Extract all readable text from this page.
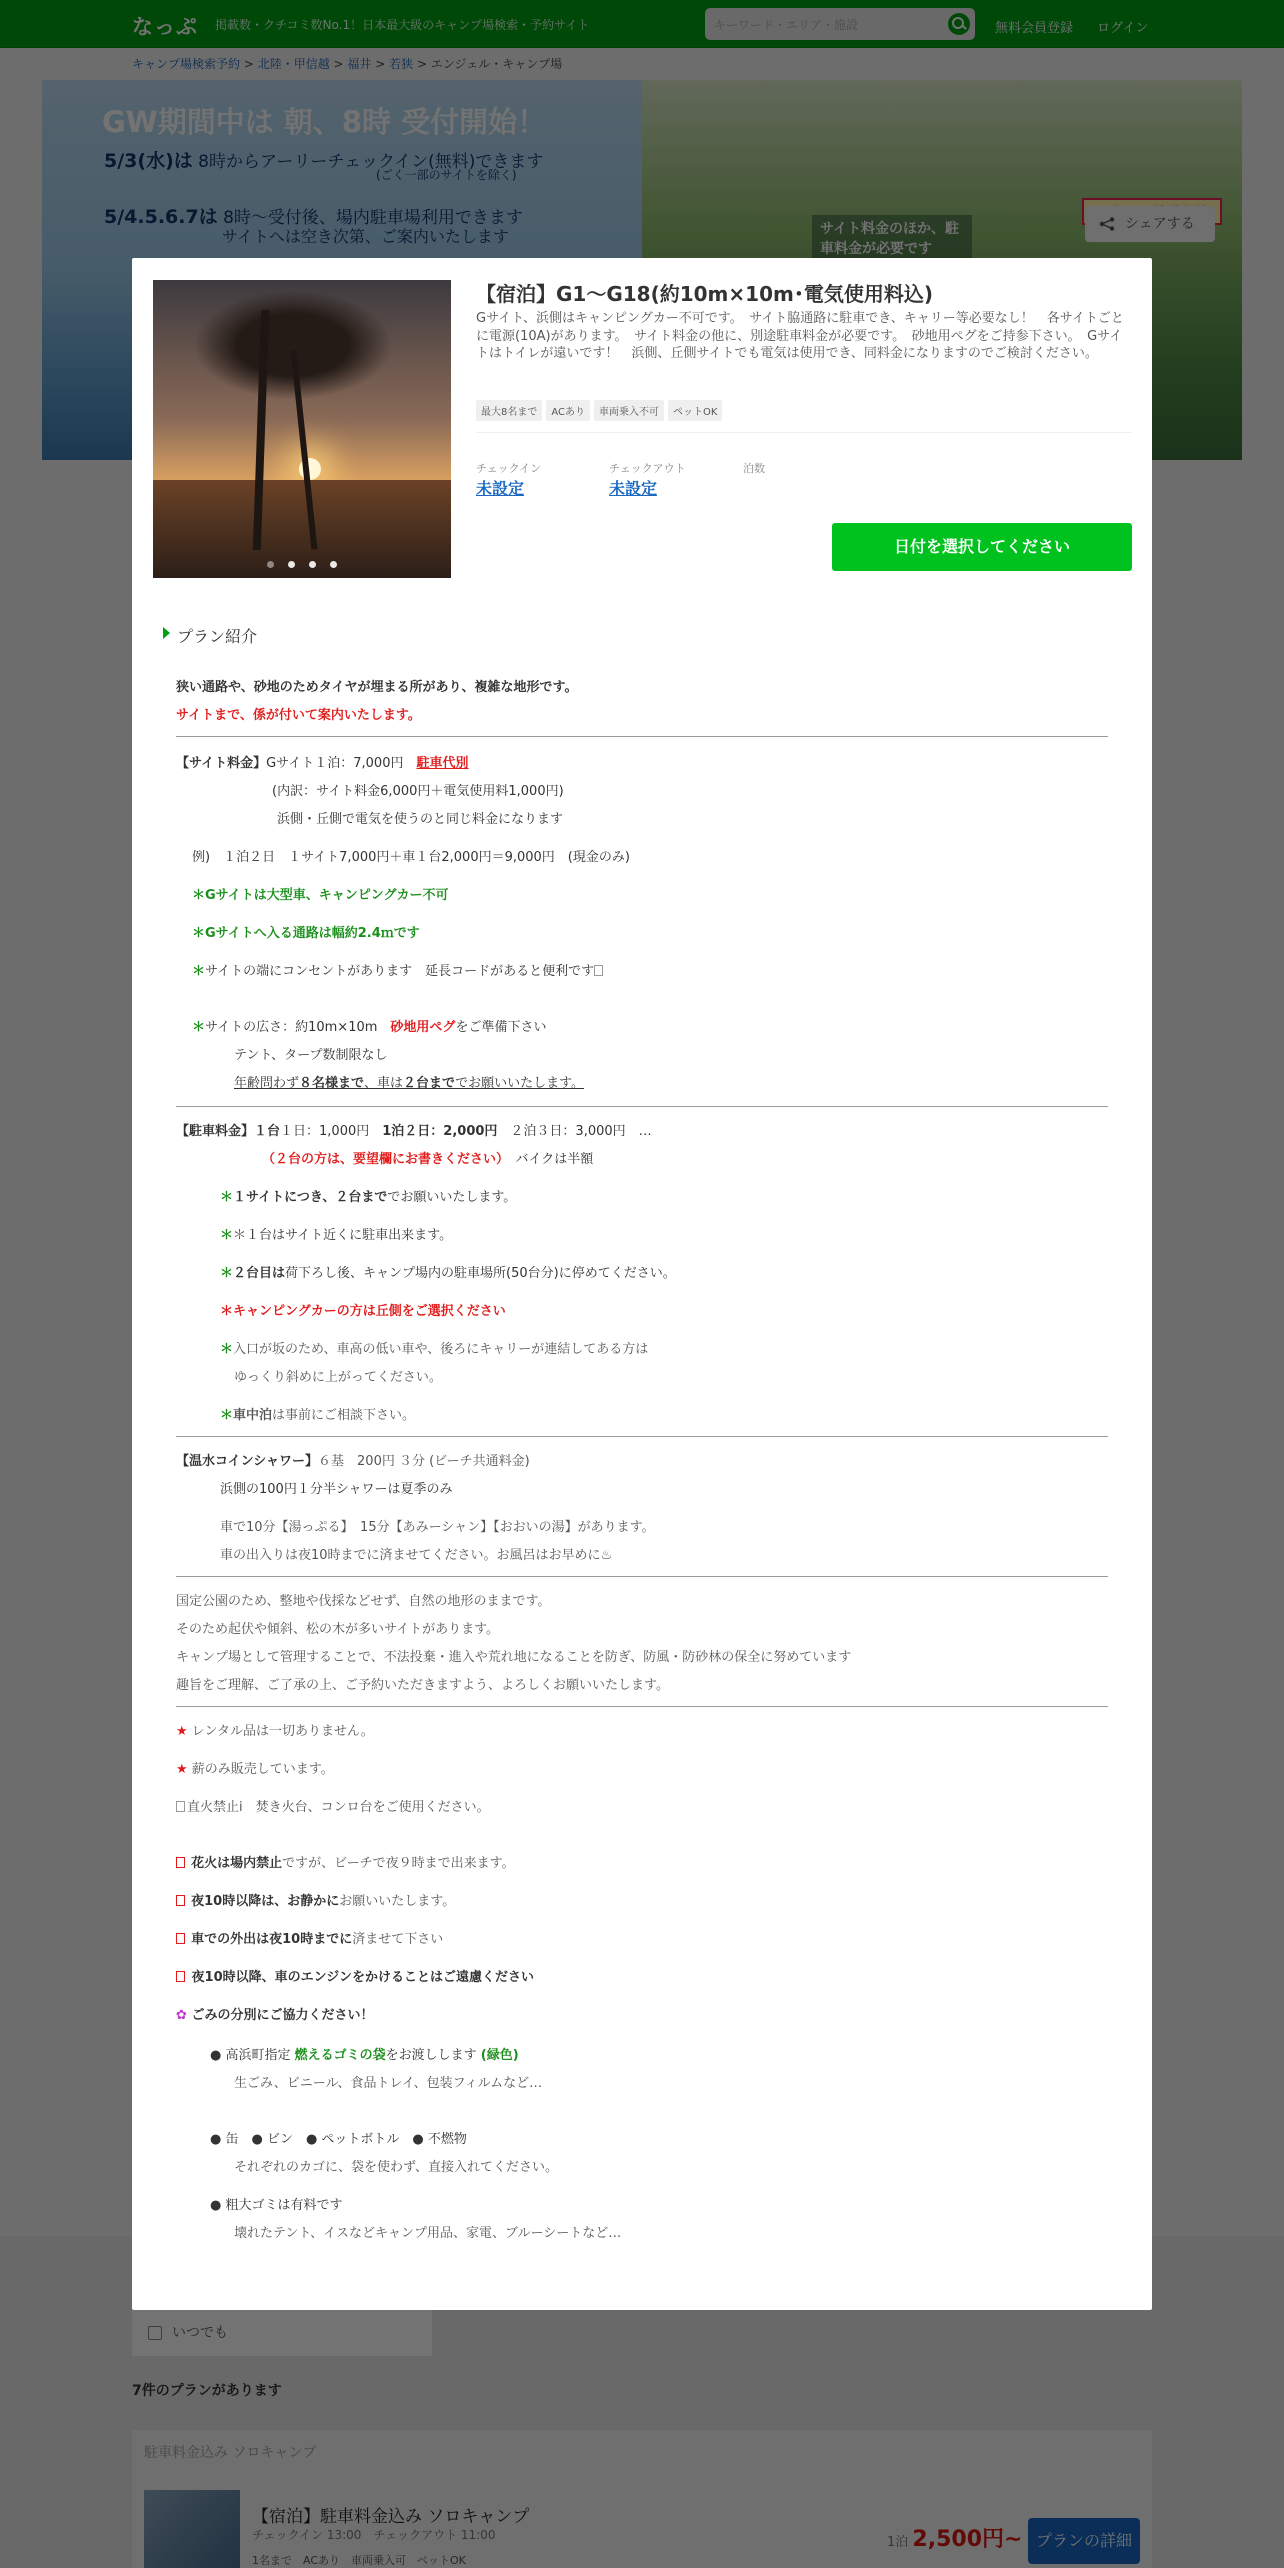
【宿泊】G1～G18(約10m×10m･電気使用料込)
Gサイト、浜側はキャンピングカー不可です。　サイト脇通路に駐車でき、キャリー等必要なし！　各サイトごとに電源(10A)があります。　サイト料金の他に、別途駐車料金が必要です。　砂地用ペグをご持参下さい。　Gサイトはトイレが遠いです！　浜側、丘側サイトでも電気は使用でき、同料金になりますのでご検討ください。
最大8名まで ACあり 車両乗入不可 ペットOK
チェックイン
未設定
チェックアウト
未設定
泊数
日付を選択してください
プラン紹介
狭い通路や、砂地のためタイヤが埋まる所があり、複雑な地形です。
サイトまで、係が付いて案内いたします。
【サイト料金】Gサイト１泊：7,000円　 駐車代別
(内訳：サイト料金6,000円＋電気使用料1,000円)
浜側・丘側で電気を使うのと同じ料金になります
例)　１泊２日　１サイト7,000円＋車１台2,000円＝9,000円　(現金のみ)
＊Gサイトは大型車、キャンピングカー不可
＊Gサイトへ入る通路は幅約2.4ｍです
＊サイトの端にコンセントがあります　延長コードがあると便利です
＊サイトの広さ：約10m×10m　砂地用ペグをご準備下さい
テント、タープ数制限なし
年齢問わず８名様まで、車は２台まででお願いいたします。
【駐車料金】１台１日：1,000円　1泊２日：2,000円　２泊３日：3,000円　…
（２台の方は、要望欄にお書きください）　 バイクは半額
＊１サイトにつき、２台まででお願いいたします。
＊＊１台はサイト近くに駐車出来ます。
＊２台目は荷下ろし後、キャンプ場内の駐車場所(50台分)に停めてください。
＊キャンピングカーの方は丘側をご選択ください
＊入口が坂のため、車高の低い車や、後ろにキャリーが連結してある方は
ゆっくり斜めに上がってください。
＊車中泊は事前にご相談下さい。
【温水コインシャワー】６基　200円 ３分 (ビーチ共通料金)
浜側の100円１分半シャワーは夏季のみ
車で10分【湯っぷる】　15分【あみーシャン】【おおいの湯】があります。
車の出入りは夜10時までに済ませてください。お風呂はお早めに♨
国定公園のため、整地や伐採などせず、自然の地形のままです。
そのため起伏や傾斜、松の木が多いサイトがあります。
キャンプ場として管理することで、不法投棄・進入や荒れ地になることを防ぎ、防風・防砂林の保全に努めています
趣旨をご理解、ご了承の上、ご予約いただきますよう、よろしくお願いいたします。
★ レンタル品は一切ありません。
★ 薪のみ販売しています。
直火禁止i　焚き火台、コンロ台をご使用ください。
花火は場内禁止ですが、ビーチで夜９時まで出来ます。
夜10時以降は、お静かにお願いいたします。
車での外出は夜10時までに済ませて下さい
夜10時以降、車のエンジンをかけることはご遠慮ください
✿ ごみの分別にご協力ください！
● 高浜町指定 燃えるゴミの袋をお渡しします (緑色)
生ごみ、ビニール、食品トレイ、包装フィルムなど…
● 缶　● ビン　● ペットボトル　● 不燃物
それぞれのカゴに、袋を使わず、直接入れてください。
● 粗大ゴミは有料です
壊れたテント、イスなどキャンプ用品、家電、ブルーシートなど…
